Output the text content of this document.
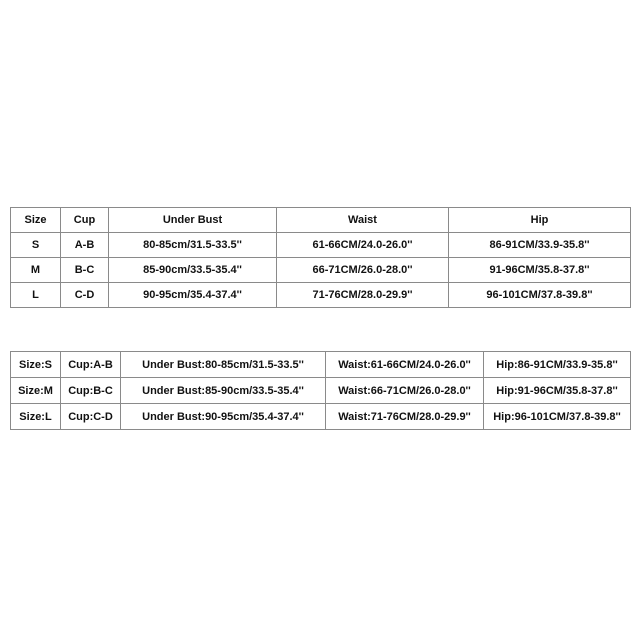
Size	Cup	Under Bust	Waist	Hip
S	A-B	80-85cm/31.5-33.5''	61-66CM/24.0-26.0''	86-91CM/33.9-35.8''
M	B-C	85-90cm/33.5-35.4''	66-71CM/26.0-28.0''	91-96CM/35.8-37.8''
L	C-D	90-95cm/35.4-37.4''	71-76CM/28.0-29.9''	96-101CM/37.8-39.8''
Size:S	Cup:A-B	Under Bust:80-85cm/31.5-33.5''	Waist:61-66CM/24.0-26.0''	Hip:86-91CM/33.9-35.8''
Size:M	Cup:B-C	Under Bust:85-90cm/33.5-35.4''	Waist:66-71CM/26.0-28.0''	Hip:91-96CM/35.8-37.8''
Size:L	Cup:C-D	Under Bust:90-95cm/35.4-37.4''	Waist:71-76CM/28.0-29.9''	Hip:96-101CM/37.8-39.8''
